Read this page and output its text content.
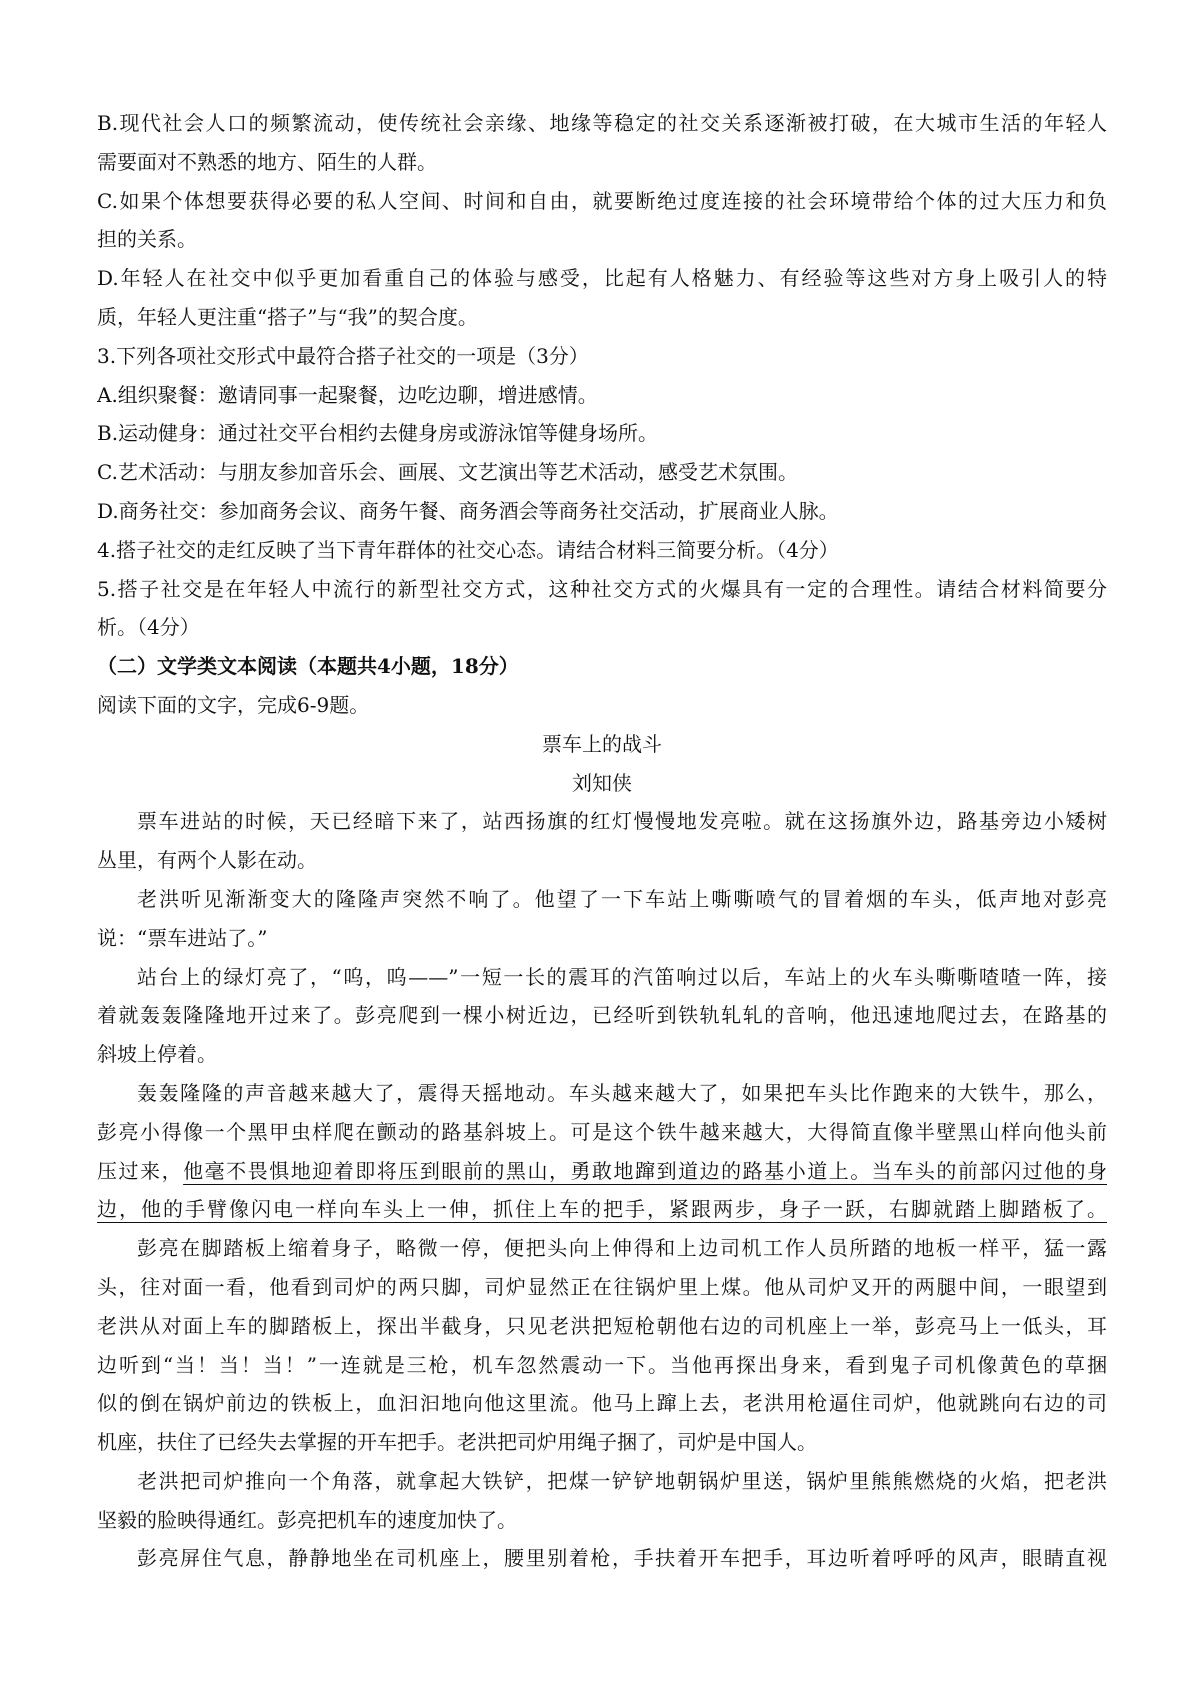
B.现代社会人口的频繁流动，使传统社会亲缘、地缘等稳定的社交关系逐渐被打破，在大城市生活的年轻人
需要面对不熟悉的地方、陌生的人群。
C.如果个体想要获得必要的私人空间、时间和自由，就要断绝过度连接的社会环境带给个体的过大压力和负
担的关系。
D.年轻人在社交中似乎更加看重自己的体验与感受，比起有人格魅力、有经验等这些对方身上吸引人的特
质，年轻人更注重“搭子”与“我”的契合度。
3.下列各项社交形式中最符合搭子社交的一项是（3分）
A.组织聚餐：邀请同事一起聚餐，边吃边聊，增进感情。
B.运动健身：通过社交平台相约去健身房或游泳馆等健身场所。
C.艺术活动：与朋友参加音乐会、画展、文艺演出等艺术活动，感受艺术氛围。
D.商务社交：参加商务会议、商务午餐、商务酒会等商务社交活动，扩展商业人脉。
4.搭子社交的走红反映了当下青年群体的社交心态。请结合材料三简要分析。（4分）
5.搭子社交是在年轻人中流行的新型社交方式，这种社交方式的火爆具有一定的合理性。请结合材料简要分
析。（4分）
（二）文学类文本阅读（本题共4小题，18分）
阅读下面的文字，完成6-9题。
票车上的战斗
刘知侠
票车进站的时候，天已经暗下来了，站西扬旗的红灯慢慢地发亮啦。就在这扬旗外边，路基旁边小矮树
丛里，有两个人影在动。
老洪听见渐渐变大的隆隆声突然不响了。他望了一下车站上嘶嘶喷气的冒着烟的车头，低声地对彭亮
说：“票车进站了。”
站台上的绿灯亮了，“呜，呜——”一短一长的震耳的汽笛响过以后，车站上的火车头嘶嘶喳喳一阵，接
着就轰轰隆隆地开过来了。彭亮爬到一棵小树近边，已经听到铁轨轧轧的音响，他迅速地爬过去，在路基的
斜坡上停着。
轰轰隆隆的声音越来越大了，震得天摇地动。车头越来越大了，如果把车头比作跑来的大铁牛，那么，
彭亮小得像一个黑甲虫样爬在颤动的路基斜坡上。可是这个铁牛越来越大，大得简直像半壁黑山样向他头前
压过来，他毫不畏惧地迎着即将压到眼前的黑山，勇敢地蹿到道边的路基小道上。当车头的前部闪过他的身
边，他的手臂像闪电一样向车头上一伸，抓住上车的把手，紧跟两步，身子一跃，右脚就踏上脚踏板了。
彭亮在脚踏板上缩着身子，略微一停，便把头向上伸得和上边司机工作人员所踏的地板一样平，猛一露
头，往对面一看，他看到司炉的两只脚，司炉显然正在往锅炉里上煤。他从司炉叉开的两腿中间，一眼望到
老洪从对面上车的脚踏板上，探出半截身，只见老洪把短枪朝他右边的司机座上一举，彭亮马上一低头，耳
边听到“当！当！当！”一连就是三枪，机车忽然震动一下。当他再探出身来，看到鬼子司机像黄色的草捆
似的倒在锅炉前边的铁板上，血汩汩地向他这里流。他马上蹿上去，老洪用枪逼住司炉，他就跳向右边的司
机座，扶住了已经失去掌握的开车把手。老洪把司炉用绳子捆了，司炉是中国人。
老洪把司炉推向一个角落，就拿起大铁铲，把煤一铲铲地朝锅炉里送，锅炉里熊熊燃烧的火焰，把老洪
坚毅的脸映得通红。彭亮把机车的速度加快了。
彭亮屏住气息，静静地坐在司机座上，腰里别着枪，手扶着开车把手，耳边听着呼呼的风声，眼睛直视
